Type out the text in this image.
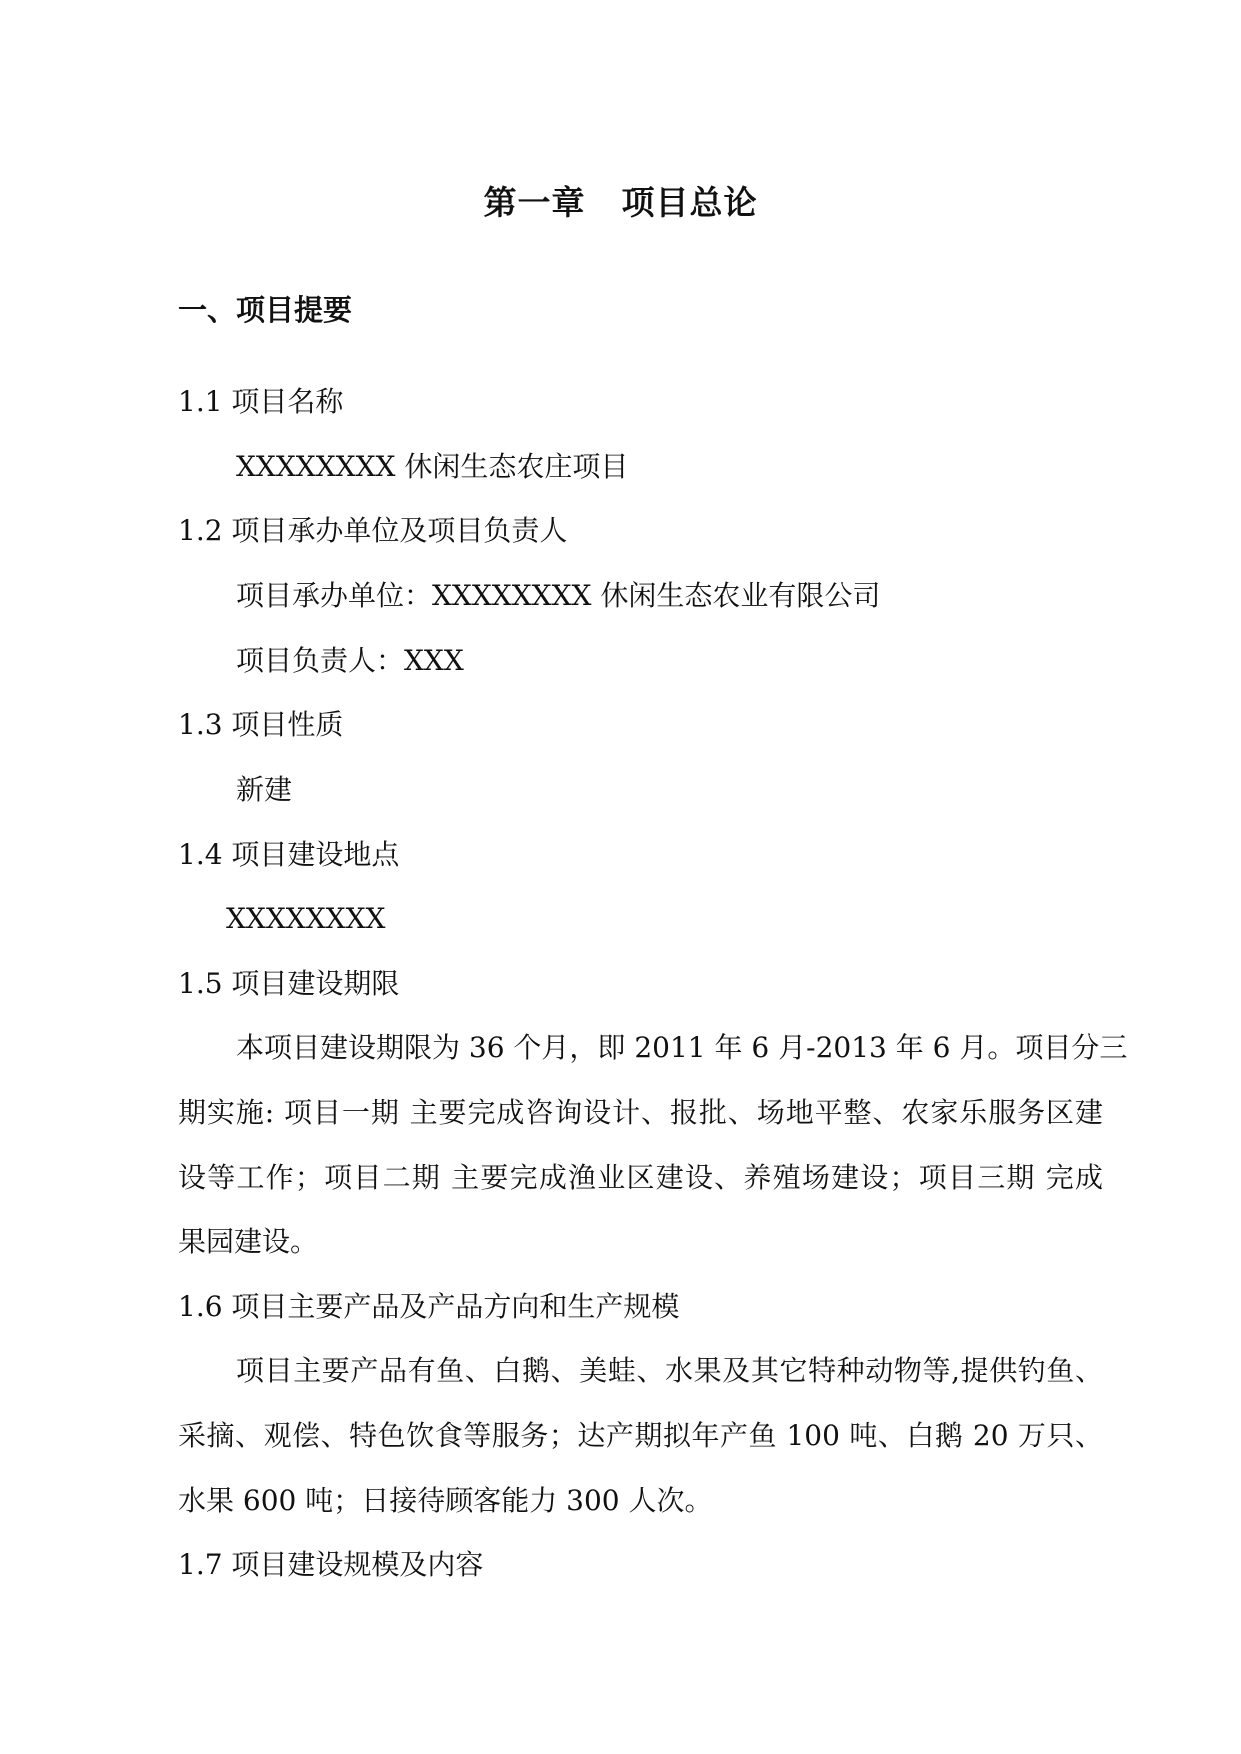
第一章 项目总论
一、项目提要
1.1 项目名称
XXXXXXXX 休闲生态农庄项目
1.2 项目承办单位及项目负责人
项目承办单位：XXXXXXXX 休闲生态农业有限公司
项目负责人：XXX
1.3 项目性质
新建
1.4 项目建设地点
XXXXXXXX
1.5 项目建设期限
本项目建设期限为 36 个月，即 2011 年 6 月-2013 年 6 月。项目分三
期实施: 项目一期 主要完成咨询设计、报批、场地平整、农家乐服务区建
设等工作；项目二期 主要完成渔业区建设、养殖场建设；项目三期 完成
果园建设。
1.6 项目主要产品及产品方向和生产规模
项目主要产品有鱼、白鹅、美蛙、水果及其它特种动物等,提供钓鱼、
采摘、观偿、特色饮食等服务；达产期拟年产鱼 100 吨、白鹅 20 万只、
水果 600 吨；日接待顾客能力 300 人次。
1.7 项目建设规模及内容
